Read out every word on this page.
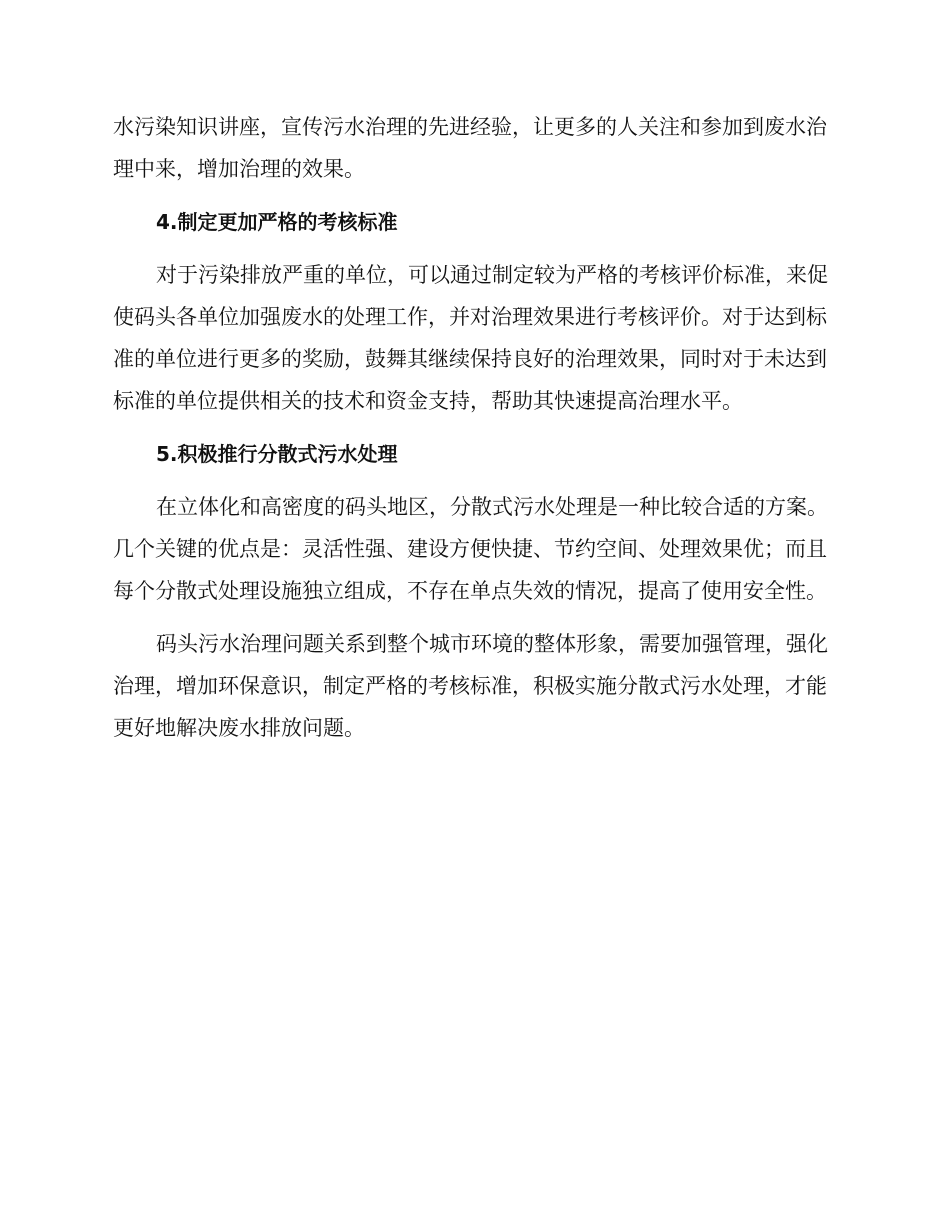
水污染知识讲座，宣传污水治理的先进经验，让更多的人关注和参加到废水治理中来，增加治理的效果。

4.制定更加严格的考核标准

对于污染排放严重的单位，可以通过制定较为严格的考核评价标准，来促使码头各单位加强废水的处理工作，并对治理效果进行考核评价。对于达到标准的单位进行更多的奖励，鼓舞其继续保持良好的治理效果，同时对于未达到标准的单位提供相关的技术和资金支持，帮助其快速提高治理水平。

5.积极推行分散式污水处理

在立体化和高密度的码头地区，分散式污水处理是一种比较合适的方案。几个关键的优点是：灵活性强、建设方便快捷、节约空间、处理效果优；而且每个分散式处理设施独立组成，不存在单点失效的情况，提高了使用安全性。

码头污水治理问题关系到整个城市环境的整体形象，需要加强管理，强化治理，增加环保意识，制定严格的考核标准，积极实施分散式污水处理，才能更好地解决废水排放问题。
